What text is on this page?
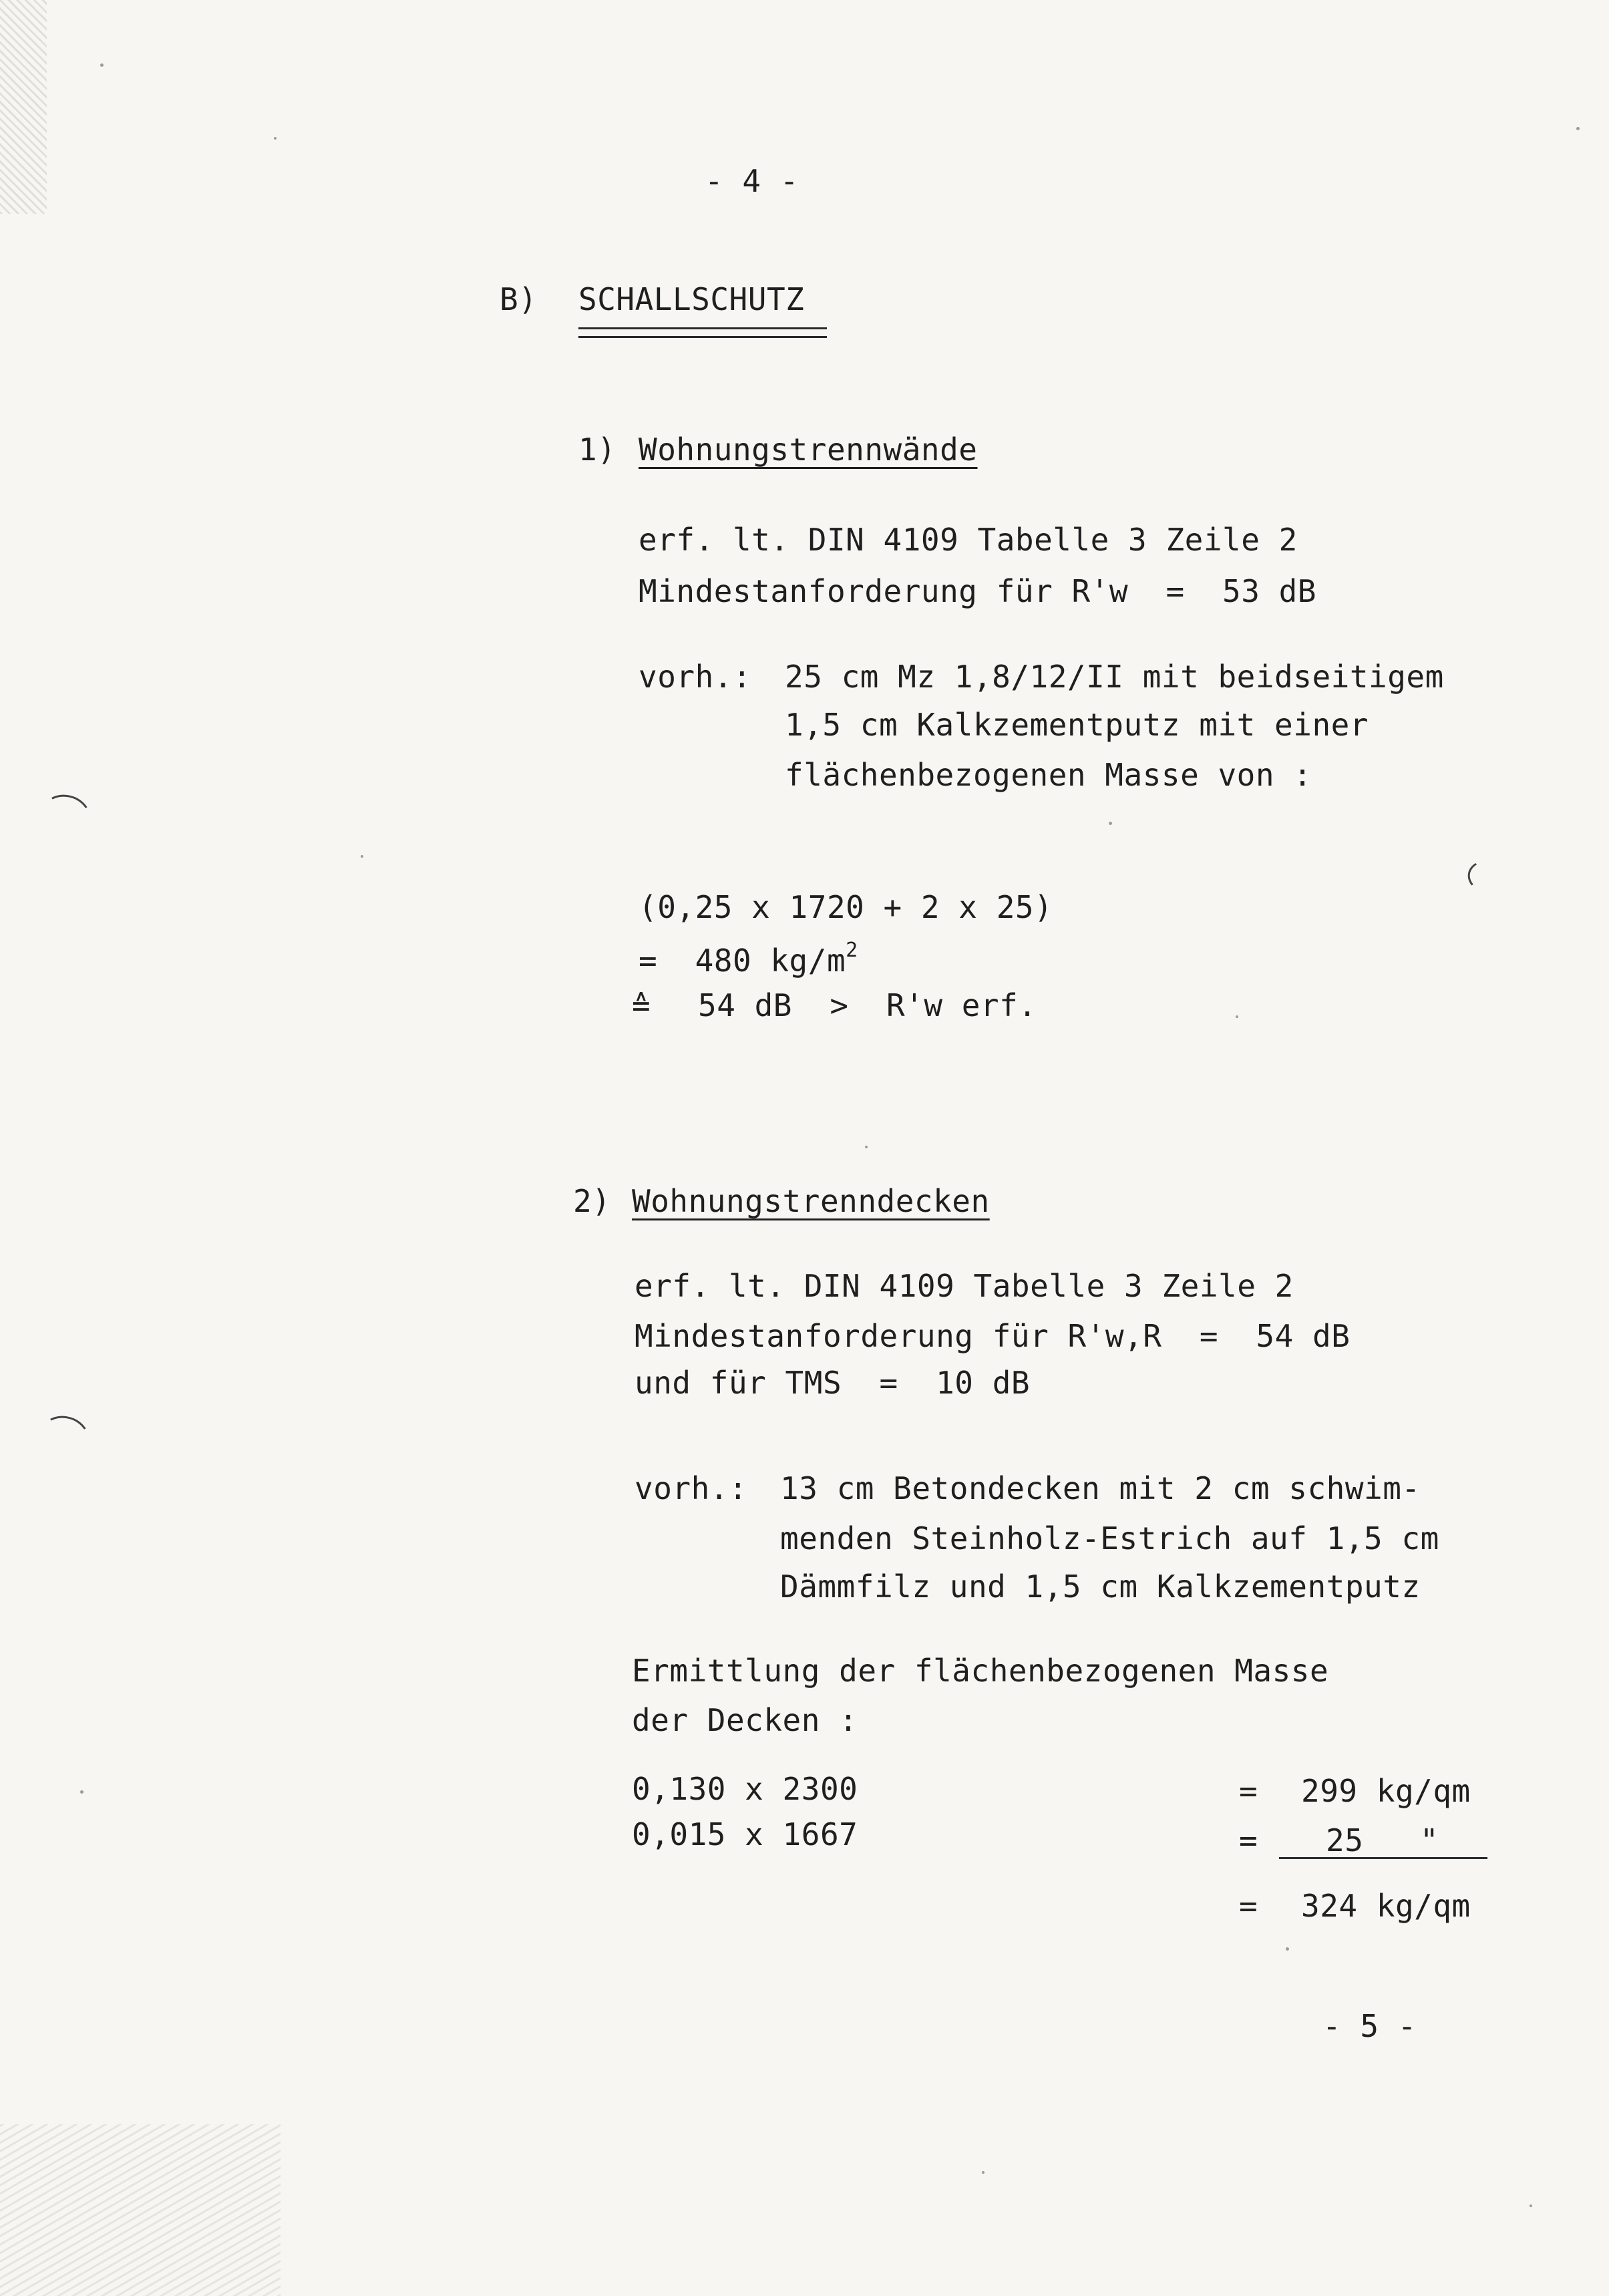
- 4 -
B) SCHALLSCHUTZ
1) Wohnungstrennwände
erf. lt. DIN 4109 Tabelle 3 Zeile 2
Mindestanforderung für R'w  =  53 dB
vorh.: 25 cm Mz 1,8/12/II mit beidseitigem
1,5 cm Kalkzementputz mit einer
flächenbezogenen Masse von :
(0,25 x 1720 + 2 x 25)
=  480 $kg/m^2$
≙ 54 dB  >  R'w erf.
2) Wohnungstrenndecken
erf. lt. DIN 4109 Tabelle 3 Zeile 2
Mindestanforderung für R'w,R  =  54 dB
und für TMS  =  10 dB
vorh.: 13 cm Betondecken mit 2 cm schwim-
menden Steinholz-Estrich auf 1,5 cm
Dämmfilz und 1,5 cm Kalkzementputz
Ermittlung der flächenbezogenen Masse
der Decken :
0,130 x 2300	= 299 kg/qm
0,015 x 1667	= 25   "
= 324 kg/qm
- 5 -
